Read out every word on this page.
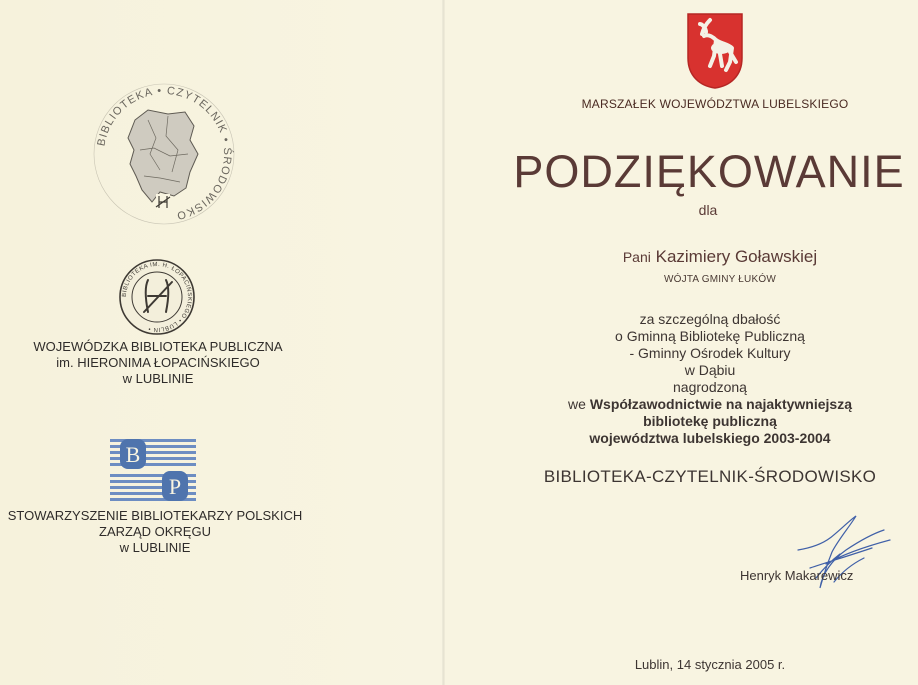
BIBLIOTEKA • CZYTELNIK • ŚRODOWISKO
BIBLIOTEKA IM. H. ŁOPACIŃSKIEGO • LUBLIN •
WOJEWÓDZKA BIBLIOTEKA PUBLICZNA
im. HIERONIMA ŁOPACIŃSKIEGO
w LUBLINIE
B
P
STOWARZYSZENIE BIBLIOTEKARZY POLSKICH
ZARZĄD OKRĘGU
w LUBLINIE
MARSZAŁEK WOJEWÓDZTWA LUBELSKIEGO
PODZIĘKOWANIE
dla
Pani Kazimiery Goławskiej
WÓJTA GMINY ŁUKÓW
za szczególną dbałość
o Gminną Bibliotekę Publiczną
- Gminny Ośrodek Kultury
w Dąbiu
nagrodzoną
we Współzawodnictwie na najaktywniejszą
bibliotekę publiczną
województwa lubelskiego 2003-2004
BIBLIOTEKA-CZYTELNIK-ŚRODOWISKO
Henryk Makarewicz
Lublin, 14 stycznia 2005 r.
